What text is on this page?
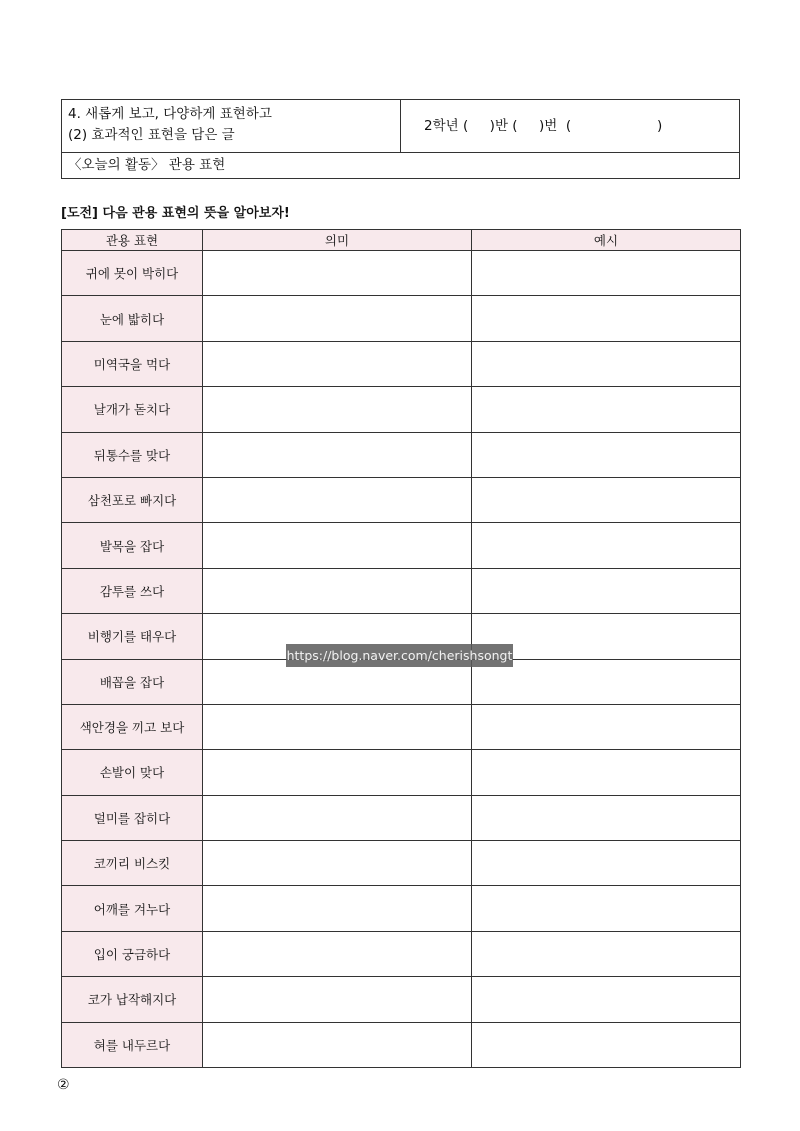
4. 새롭게 보고, 다양하게 표현하고
(2) 효과적인 표현을 담은 글
2학년 (     )반 (     )번  (                    )
〈오늘의 활동〉 관용 표현
[도전] 다음 관용 표현의 뜻을 알아보자!
관용 표현	의미	예시
귀에 못이 박히다		
눈에 밟히다		
미역국을 먹다		
날개가 돋치다		
뒤통수를 맞다		
삼천포로 빠지다		
발목을 잡다		
감투를 쓰다		
비행기를 태우다		
배꼽을 잡다		
색안경을 끼고 보다		
손발이 맞다		
덜미를 잡히다		
코끼리 비스킷		
어깨를 겨누다		
입이 궁금하다		
코가 납작해지다		
혀를 내두르다		
https://blog.naver.com/cherishsongt
②
